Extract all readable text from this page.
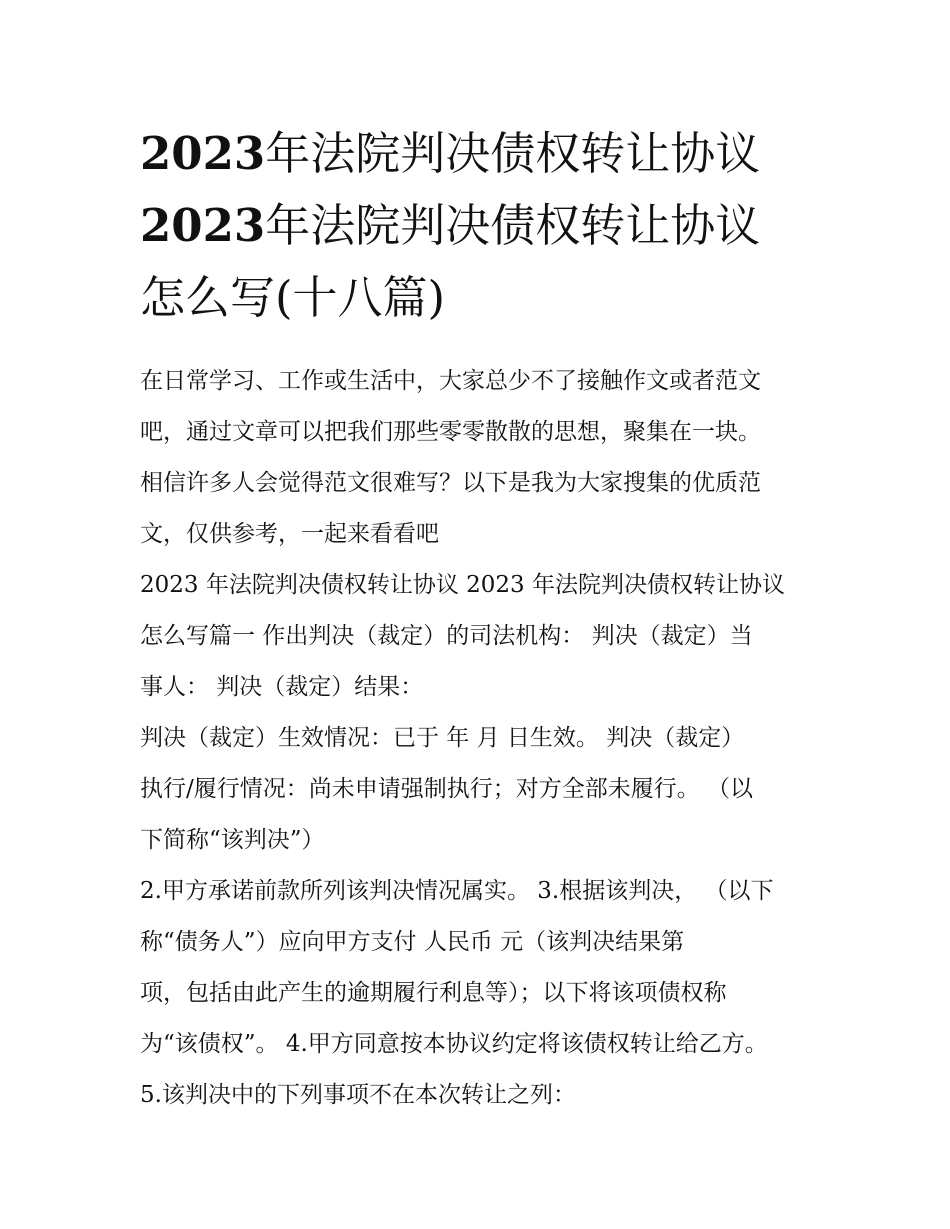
2023年法院判决债权转让协议
2023年法院判决债权转让协议
怎么写(十八篇)

在日常学习、工作或生活中，大家总少不了接触作文或者范文
吧，通过文章可以把我们那些零零散散的思想，聚集在一块。
相信许多人会觉得范文很难写？以下是我为大家搜集的优质范
文，仅供参考，一起来看看吧

2023 年法院判决债权转让协议 2023 年法院判决债权转让协议
怎么写篇一 作出判决（裁定）的司法机构： 判决（裁定）当
事人： 判决（裁定）结果：
判决（裁定）生效情况：已于 年 月 日生效。 判决（裁定）
执行/履行情况：尚未申请强制执行；对方全部未履行。 （以
下简称“该判决”）
2.甲方承诺前款所列该判决情况属实。 3.根据该判决， （以下
称“债务人”）应向甲方支付 人民币 元（该判决结果第
项，包括由此产生的逾期履行利息等）；以下将该项债权称
为“该债权”。 4.甲方同意按本协议约定将该债权转让给乙方。
5.该判决中的下列事项不在本次转让之列：
